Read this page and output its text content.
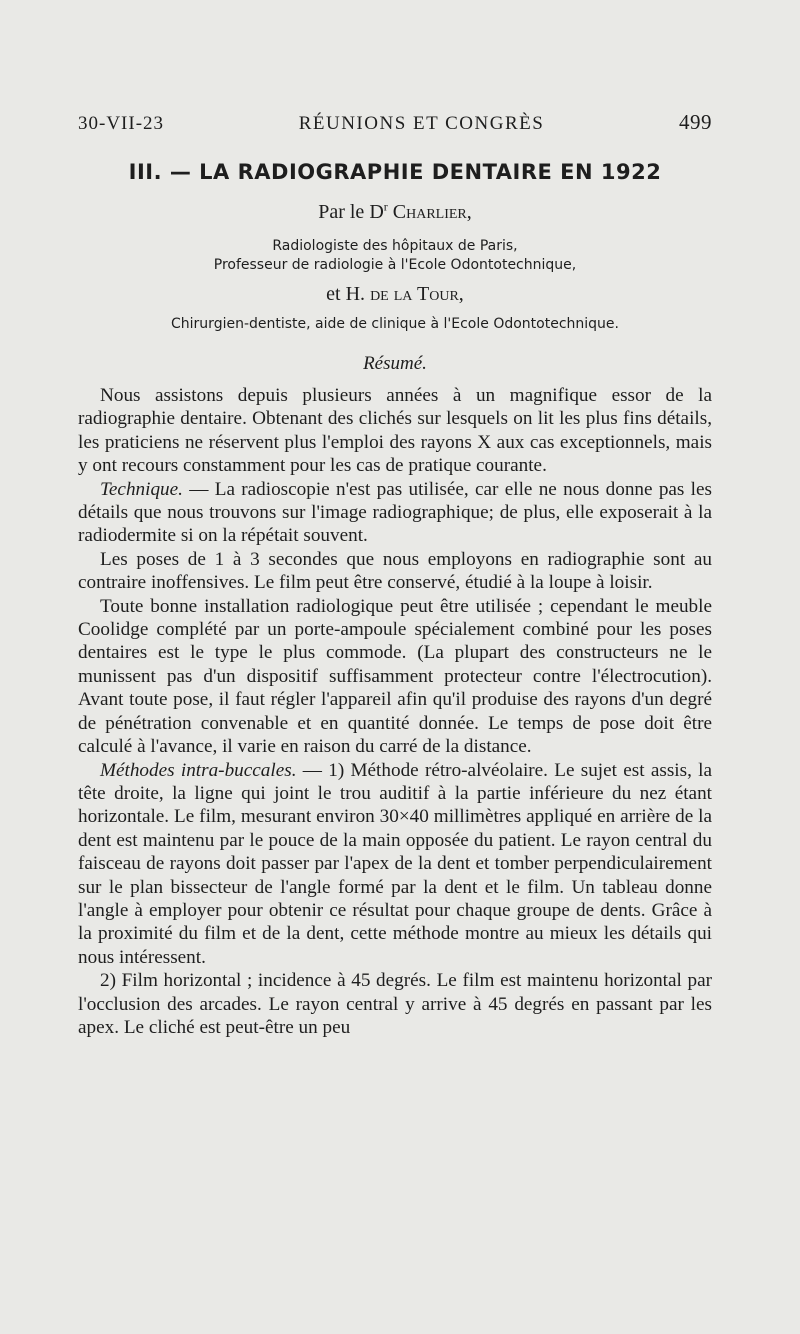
30-VII-23	RÉUNIONS ET CONGRÈS	499
III. — LA RADIOGRAPHIE DENTAIRE EN 1922
Par le $D^r$ Charlier,
Radiologiste des hôpitaux de Paris,
Professeur de radiologie à l'Ecole Odontotechnique,
et H. de la Tour,
Chirurgien-dentiste, aide de clinique à l'Ecole Odontotechnique.
Résumé.

Nous assistons depuis plusieurs années à un magnifique essor de la radiographie dentaire. Obtenant des clichés sur lesquels on lit les plus fins détails, les praticiens ne réservent plus l'emploi des rayons X aux cas exceptionnels, mais y ont recours constamment pour les cas de pratique courante.

Technique. — La radioscopie n'est pas utilisée, car elle ne nous donne pas les détails que nous trouvons sur l'image radiographique; de plus, elle exposerait à la radiodermite si on la répétait souvent.

Les poses de 1 à 3 secondes que nous employons en radiographie sont au contraire inoffensives. Le film peut être conservé, étudié à la loupe à loisir.

Toute bonne installation radiologique peut être utilisée ; cependant le meuble Coolidge complété par un porte-ampoule spécialement combiné pour les poses dentaires est le type le plus commode. (La plupart des constructeurs ne le munissent pas d'un dispositif suffisamment protecteur contre l'électrocution). Avant toute pose, il faut régler l'appareil afin qu'il produise des rayons d'un degré de pénétration convenable et en quantité donnée. Le temps de pose doit être calculé à l'avance, il varie en raison du carré de la distance.

Méthodes intra-buccales. — 1) Méthode rétro-alvéolaire. Le sujet est assis, la tête droite, la ligne qui joint le trou auditif à la partie inférieure du nez étant horizontale. Le film, mesurant environ 30×40 millimètres appliqué en arrière de la dent est maintenu par le pouce de la main opposée du patient. Le rayon central du faisceau de rayons doit passer par l'apex de la dent et tomber perpendiculairement sur le plan bissecteur de l'angle formé par la dent et le film. Un tableau donne l'angle à employer pour obtenir ce résultat pour chaque groupe de dents. Grâce à la proximité du film et de la dent, cette méthode montre au mieux les détails qui nous intéressent.

2) Film horizontal ; incidence à 45 degrés. Le film est maintenu horizontal par l'occlusion des arcades. Le rayon central y arrive à 45 degrés en passant par les apex. Le cliché est peut-être un peu
